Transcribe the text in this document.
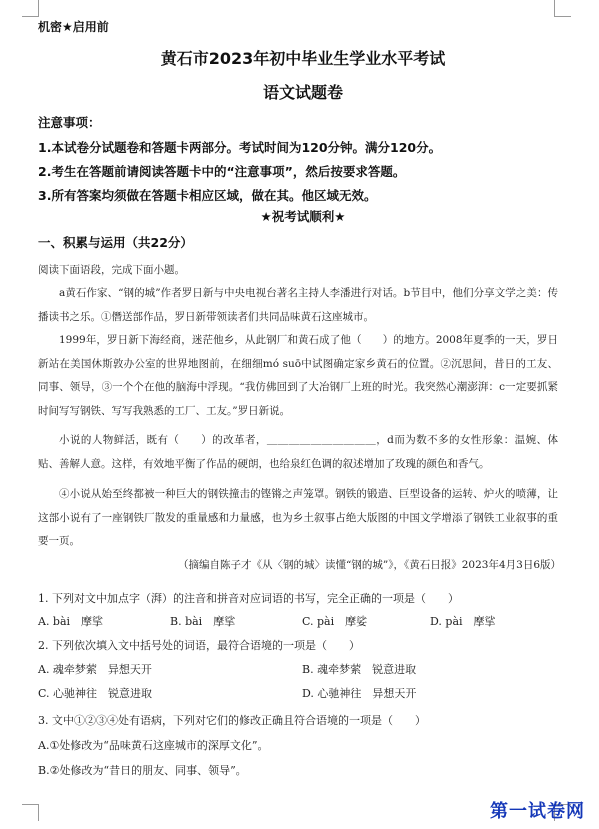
机密★启用前
黄石市2023年初中毕业生学业水平考试
语文试题卷
注意事项：
1.本试卷分试题卷和答题卡两部分。考试时间为120分钟。满分120分。
2.考生在答题前请阅读答题卡中的“注意事项”，然后按要求答题。
3.所有答案均须做在答题卡相应区域，做在其。他区域无效。
★祝考试顺利★
一、积累与运用（共22分）
阅读下面语段，完成下面小题。
a黄石作家、“钢的城”作者罗日新与中央电视台著名主持人李潘进行对话。b节目中，他们分享文学之美：传播读书之乐。①僭送部作品，罗日新带领读者们共同品味黄石这座城市。
1999年，罗日新下海经商，迷茫他乡，从此钢厂和黄石成了他（　　）的地方。2008年夏季的一天，罗日新站在美国休斯敦办公室的世界地图前，在细细mó suō中试图确定家乡黄石的位置。②沉思间，昔日的工友、同事、领导，③一个个在他的脑海中浮现。“我仿佛回到了大冶钢厂上班的时光。我突然心潮澎湃：c一定要抓紧时间写写钢铁、写写我熟悉的工厂、工友。”罗日新说。
小说的人物鲜活，既有（　　）的改革者，＿＿＿＿＿＿＿＿＿＿，d而为数不多的女性形象：温婉、体贴、善解人意。这样，有效地平衡了作品的硬朗，也给泉红色调的叙述增加了玫瑰的颜色和香气。
④小说从始至终都被一种巨大的钢铁撞击的铿锵之声笼罩。钢铁的锻造、巨型设备的运转、炉火的喷薄，让这部小说有了一座钢铁厂散发的重量感和力量感，也为乡土叙事占绝大版图的中国文学增添了钢铁工业叙事的重要一页。
（摘编自陈子才《从〈钢的城〉读懂“钢的城”》，《黄石日报》2023年4月3日6版）
1. 下列对文中加点字（湃）的注音和拼音对应词语的书写，完全正确的一项是（　　）
A. bài　摩挲	B. bài　摩挲	C. pài　摩娑	D. pài　摩挲
2. 下列依次填入文中括号处的词语，最符合语境的一项是（　　）
A. 魂牵梦萦　异想天开	B. 魂牵梦萦　锐意进取
C. 心驰神往　锐意进取	D. 心驰神往　异想天开
3. 文中①②③④处有语病，下列对它们的修改正确且符合语境的一项是（　　）
A.①处修改为“品味黄石这座城市的深厚文化”。
B.②处修改为“昔日的朋友、同事、领导”。
第一试卷网
